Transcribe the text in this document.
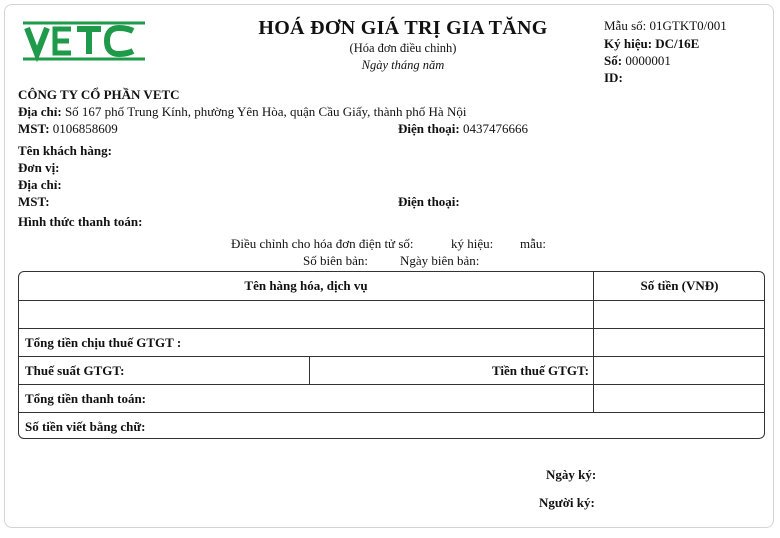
HOÁ ĐƠN GIÁ TRỊ GIA TĂNG
(Hóa đơn điều chỉnh)
Ngày tháng năm
Mẫu số: 01GTKT0/001
Ký hiệu: DC/16E
Số: 0000001
ID:
CÔNG TY CỔ PHẦN VETC
Địa chỉ: Số 167 phố Trung Kính, phường Yên Hòa, quận Cầu Giấy, thành phố Hà Nội
MST: 0106858609	Điện thoại: 0437476666
Tên khách hàng:
Đơn vị:
Địa chỉ:
MST:	Điện thoại:
Hình thức thanh toán:
Điều chỉnh cho hóa đơn điện tử số:	ký hiệu: mẫu:
Số biên bản: Ngày biên bản:
Tên hàng hóa, dịch vụ	Số tiền (VNĐ)
Tổng tiền chịu thuế GTGT :
Thuế suất GTGT:	Tiền thuế GTGT:
Tổng tiền thanh toán:
Số tiền viết bằng chữ:
Ngày ký:
Người ký:
